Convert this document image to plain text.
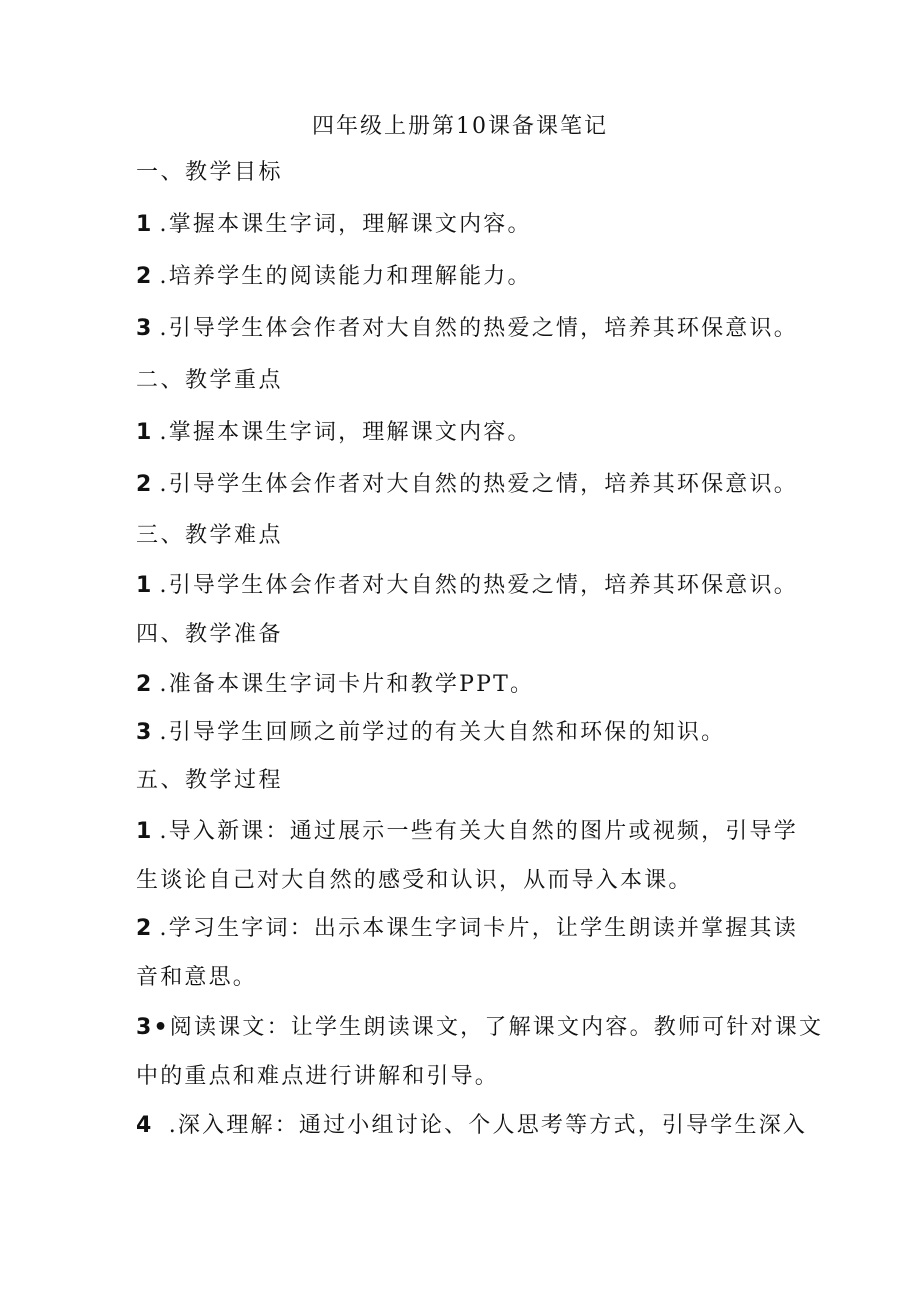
四年级上册第10课备课笔记
一、教学目标
1 .掌握本课生字词，理解课文内容。
2 .培养学生的阅读能力和理解能力。
3 .引导学生体会作者对大自然的热爱之情，培养其环保意识。
二、教学重点
1 .掌握本课生字词，理解课文内容。
2 .引导学生体会作者对大自然的热爱之情，培养其环保意识。
三、教学难点
1 .引导学生体会作者对大自然的热爱之情，培养其环保意识。
四、教学准备
2 .准备本课生字词卡片和教学PPT。
3 .引导学生回顾之前学过的有关大自然和环保的知识。
五、教学过程
1 .导入新课：通过展示一些有关大自然的图片或视频，引导学
生谈论自己对大自然的感受和认识，从而导入本课。
2 .学习生字词：出示本课生字词卡片，让学生朗读并掌握其读
音和意思。
3•阅读课文：让学生朗读课文，了解课文内容。教师可针对课文
中的重点和难点进行讲解和引导。
4 .深入理解：通过小组讨论、个人思考等方式，引导学生深入
